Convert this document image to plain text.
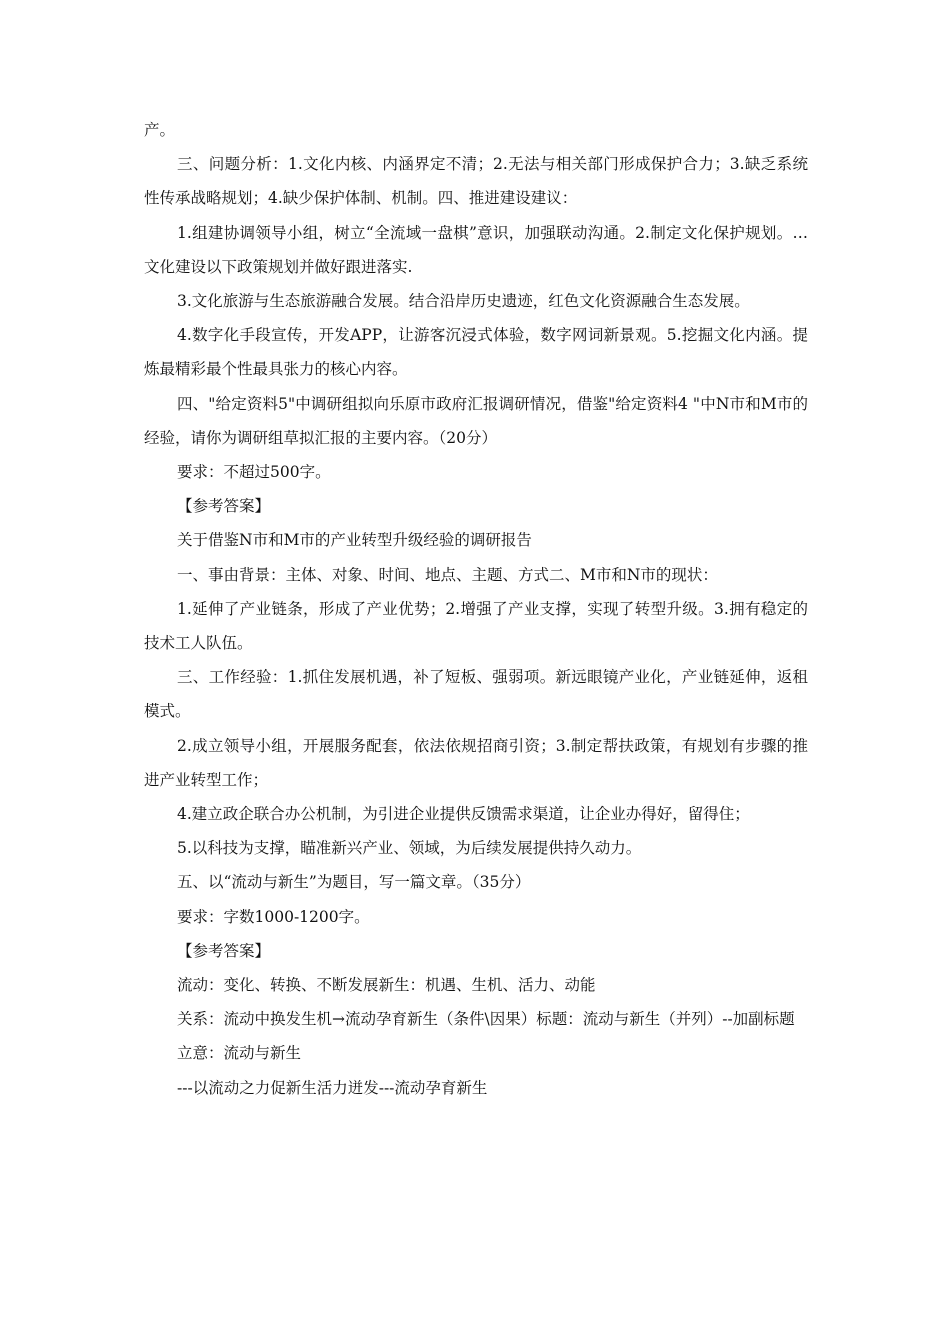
产。

三、问题分析：1.文化内核、内涵界定不清；2.无法与相关部门形成保护合力；3.缺乏系统性传承战略规划；4.缺少保护体制、机制。四、推进建设建议：

1.组建协调领导小组，树立“全流域一盘棋”意识，加强联动沟通。2.制定文化保护规划。…文化建设以下政策规划并做好跟进落实.

3.文化旅游与生态旅游融合发展。结合沿岸历史遗迹，红色文化资源融合生态发展。

4.数字化手段宣传，开发APP，让游客沉浸式体验，数字网词新景观。5.挖掘文化内涵。提炼最精彩最个性最具张力的核心内容。

四、"给定资料5"中调研组拟向乐原市政府汇报调研情况，借鉴"给定资料4 "中N市和M市的经验，请你为调研组草拟汇报的主要内容。（20分）

要求：不超过500字。

【参考答案】

关于借鉴N市和M市的产业转型升级经验的调研报告

一、事由背景：主体、对象、时间、地点、主题、方式二、M市和N市的现状：

1.延伸了产业链条，形成了产业优势；2.增强了产业支撑，实现了转型升级。3.拥有稳定的技术工人队伍。

三、工作经验：1.抓住发展机遇，补了短板、强弱项。新远眼镜产业化，产业链延伸，返租模式。

2.成立领导小组，开展服务配套，依法依规招商引资；3.制定帮扶政策，有规划有步骤的推进产业转型工作；

4.建立政企联合办公机制，为引进企业提供反馈需求渠道，让企业办得好，留得住；

5.以科技为支撑，瞄准新兴产业、领域，为后续发展提供持久动力。

五、以“流动与新生”为题目，写一篇文章。（35分）

要求：字数1000-1200字。

【参考答案】

流动：变化、转换、不断发展新生：机遇、生机、活力、动能

关系：流动中换发生机→流动孕育新生（条件\因果）标题：流动与新生（并列）--加副标题

立意：流动与新生

---以流动之力促新生活力迸发---流动孕育新生
